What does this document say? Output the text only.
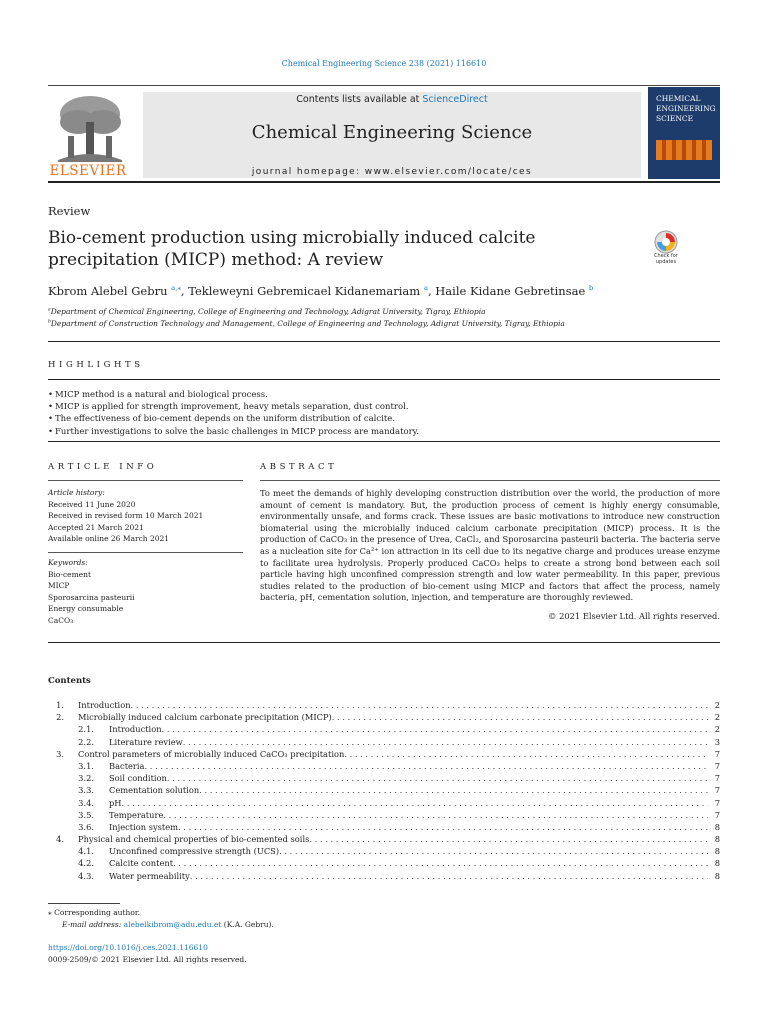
Chemical Engineering Science 238 (2021) 116610
ELSEVIER
Contents lists available at ScienceDirect
Chemical Engineering Science
journal homepage: www.elsevier.com/locate/ces
CHEMICAL
ENGINEERING
SCIENCE
Review
Bio-cement production using microbially induced calcite precipitation (MICP) method: A review	Check for updates
Kbrom Alebel Gebru $^{a,⁎}$, Tekleweyni Gebremicael Kidanemariam $^a$, Haile Kidane Gebretinsae $^b$
$^a$Department of Chemical Engineering, College of Engineering and Technology, Adigrat University, Tigray, Ethiopia
$^b$Department of Construction Technology and Management, College of Engineering and Technology, Adigrat University, Tigray, Ethiopia
HIGHLIGHTS
• MICP method is a natural and biological process.
• MICP is applied for strength improvement, heavy metals separation, dust control.
• The effectiveness of bio-cement depends on the uniform distribution of calcite.
• Further investigations to solve the basic challenges in MICP process are mandatory.
ARTICLE INFO
Article history:
Received 11 June 2020
Received in revised form 10 March 2021
Accepted 21 March 2021
Available online 26 March 2021
Keywords:
Bio-cement
MICP
Sporosarcina pasteurii
Energy consumable
CaCO₃
ABSTRACT
To meet the demands of highly developing construction distribution over the world, the production of more amount of cement is mandatory. But, the production process of cement is highly energy consumable, environmentally unsafe, and forms crack. These issues are basic motivations to introduce new construction biomaterial using the microbially induced calcium carbonate precipitation (MICP) process. It is the production of CaCO₃ in the presence of Urea, CaCl₂, and Sporosarcina pasteurii bacteria. The bacteria serve as a nucleation site for Ca²⁺ ion attraction in its cell due to its negative charge and produces urease enzyme to facilitate urea hydrolysis. Properly produced CaCO₃ helps to create a strong bond between each soil particle having high unconfined compression strength and low water permeability. In this paper, previous studies related to the production of bio-cement using MICP and factors that affect the process, namely bacteria, pH, cementation solution, injection, and temperature are thoroughly reviewed.
© 2021 Elsevier Ltd. All rights reserved.
Contents
1. Introduction . . .	2
2. Microbially induced calcium carbonate precipitation (MICP) . . .	2
2.1. Introduction . . .	2
2.2. Literature review . . .	3
3. Control parameters of microbially induced CaCO₃ precipitation . . .	7
3.1. Bacteria . . .	7
3.2. Soil condition . . .	7
3.3. Cementation solution . . .	7
3.4. pH . . .	7
3.5. Temperature . . .	7
3.6. Injection system . . .	8
4. Physical and chemical properties of bio-cemented soils . . .	8
4.1. Unconfined compressive strength (UCS) . . .	8
4.2. Calcite content . . .	8
4.3. Water permeability . . .	8
⁎ Corresponding author.
E-mail address: alebelkibrom@adu.edu.et (K.A. Gebru).
https://doi.org/10.1016/j.ces.2021.116610
0009-2509/© 2021 Elsevier Ltd. All rights reserved.
